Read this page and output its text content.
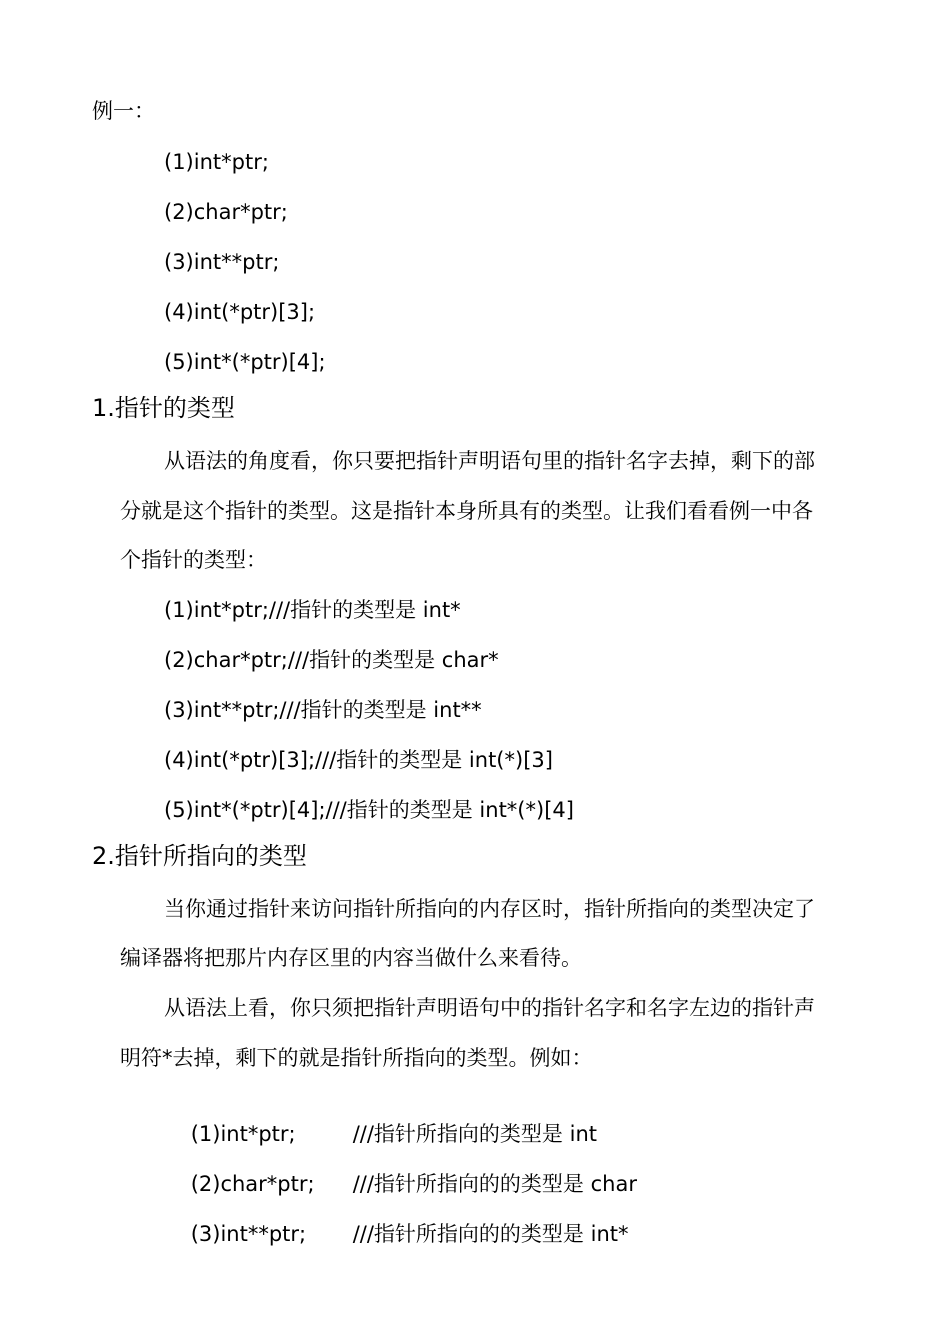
例一：
(1)int*ptr;
(2)char*ptr;
(3)int**ptr;
(4)int(*ptr)[3];
(5)int*(*ptr)[4];
1.指针的类型
从语法的角度看，你只要把指针声明语句里的指针名字去掉，剩下的部
分就是这个指针的类型。这是指针本身所具有的类型。让我们看看例一中各
个指针的类型：
(1)int*ptr;///指针的类型是 int*
(2)char*ptr;///指针的类型是 char*
(3)int**ptr;///指针的类型是 int**
(4)int(*ptr)[3];///指针的类型是 int(*)[3]
(5)int*(*ptr)[4];///指针的类型是 int*(*)[4]
2.指针所指向的类型
当你通过指针来访问指针所指向的内存区时，指针所指向的类型决定了
编译器将把那片内存区里的内容当做什么来看待。
从语法上看，你只须把指针声明语句中的指针名字和名字左边的指针声
明符*去掉，剩下的就是指针所指向的类型。例如：

(1)int*ptr;	///指针所指向的类型是 int

(2)char*ptr; ///指针所指向的的类型是 char

(3)int**ptr; ///指针所指向的的类型是 int*
